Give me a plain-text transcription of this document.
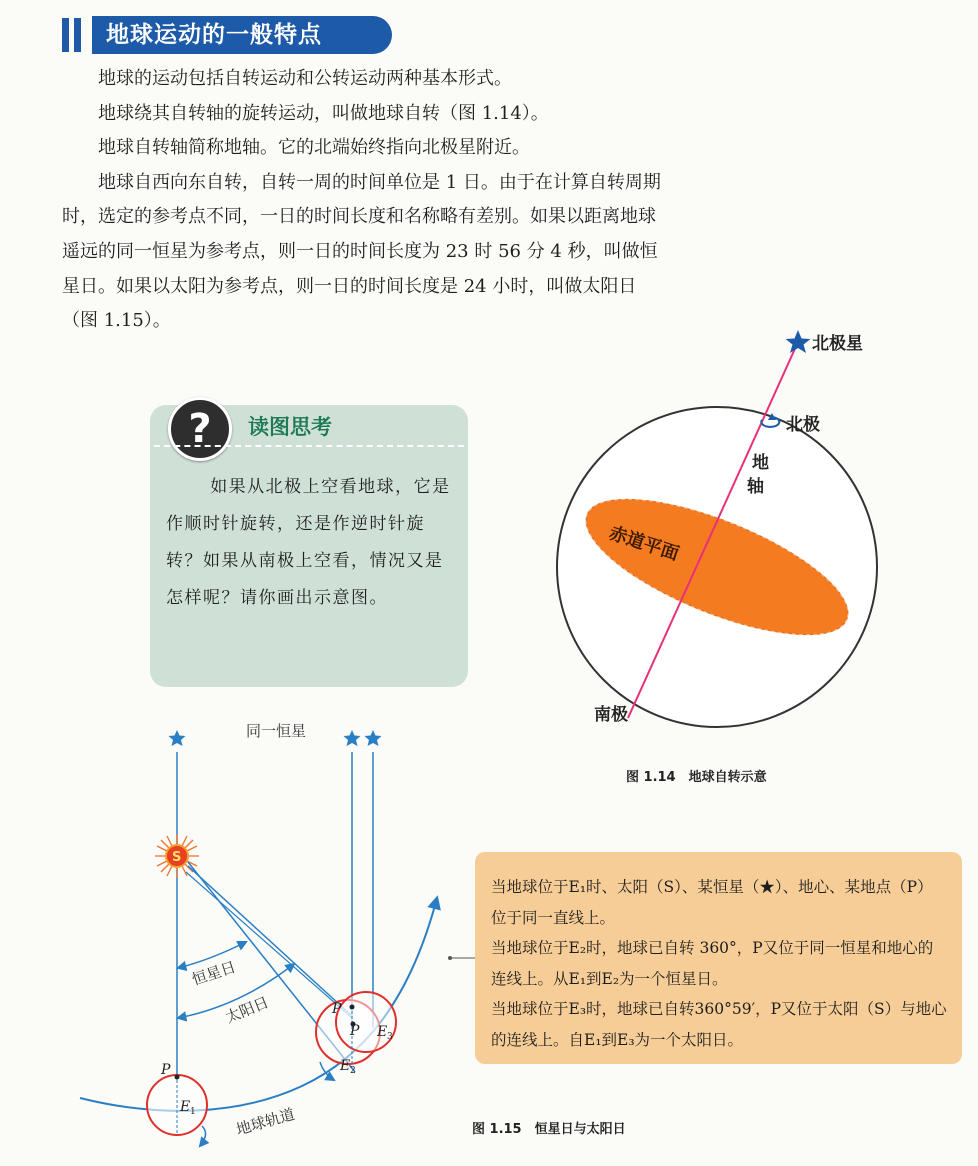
地球运动的一般特点

地球的运动包括自转运动和公转运动两种基本形式。

地球绕其自转轴的旋转运动，叫做地球自转（图 1.14）。

地球自转轴简称地轴。它的北端始终指向北极星附近。

地球自西向东自转，自转一周的时间单位是 1 日。由于在计算自转周期时，选定的参考点不同，一日的时间长度和名称略有差别。如果以距离地球遥远的同一恒星为参考点，则一日的时间长度为 23 时 56 分 4 秒，叫做恒星日。如果以太阳为参考点，则一日的时间长度是 24 小时，叫做太阳日（图 1.15）。

?	读图思考

如果从北极上空看地球，它是作顺时针旋转，还是作逆时针旋转？如果从南极上空看，情况又是怎样呢？请你画出示意图。

北极星
北极
地
轴
赤道平面
南极
图 1.14　地球自转示意
同一恒星
S
恒星日
太阳日
地球轨道
P
E 1
P
P
E 2
E 3
图 1.15　恒星日与太阳日

当地球位于E₁时、太阳（S）、某恒星（★）、地心、某地点（P）位于同一直线上。

当地球位于E₂时，地球已自转 360°，P又位于同一恒星和地心的连线上。从E₁到E₂为一个恒星日。

当地球位于E₃时，地球已自转360°59′，P又位于太阳（S）与地心的连线上。自E₁到E₃为一个太阳日。
